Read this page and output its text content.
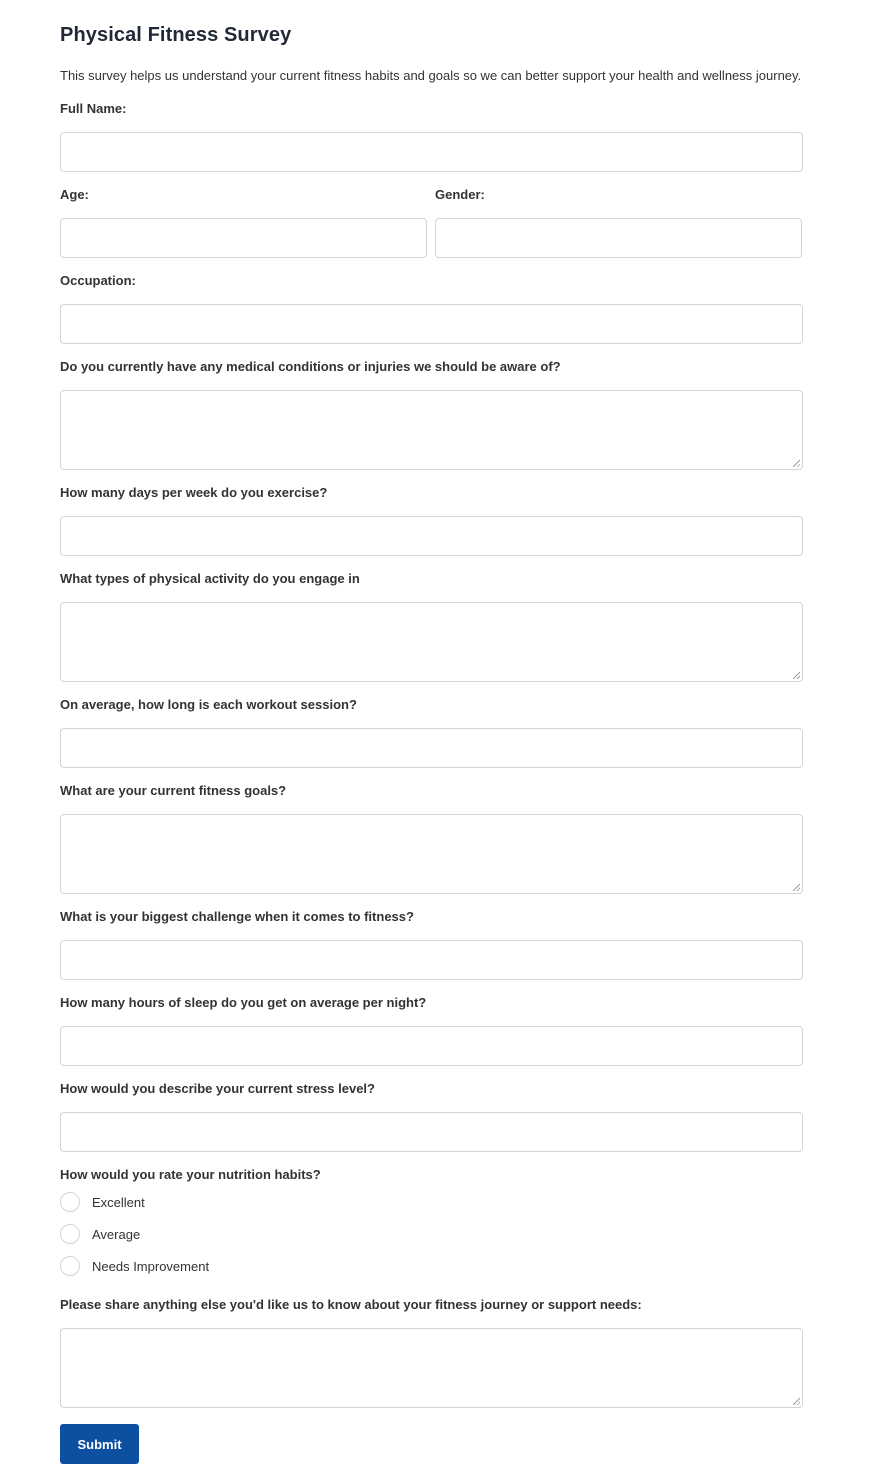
Physical Fitness Survey

This survey helps us understand your current fitness habits and goals so we can better support your health and wellness journey.

Full Name:
Age:	Gender:
Occupation:
Do you currently have any medical conditions or injuries we should be aware of?
How many days per week do you exercise?
What types of physical activity do you engage in
On average, how long is each workout session?
What are your current fitness goals?
What is your biggest challenge when it comes to fitness?
How many hours of sleep do you get on average per night?
How would you describe your current stress level?
How would you rate your nutrition habits?
Excellent
Average
Needs Improvement
Please share anything else you'd like us to know about your fitness journey or support needs:
Submit
